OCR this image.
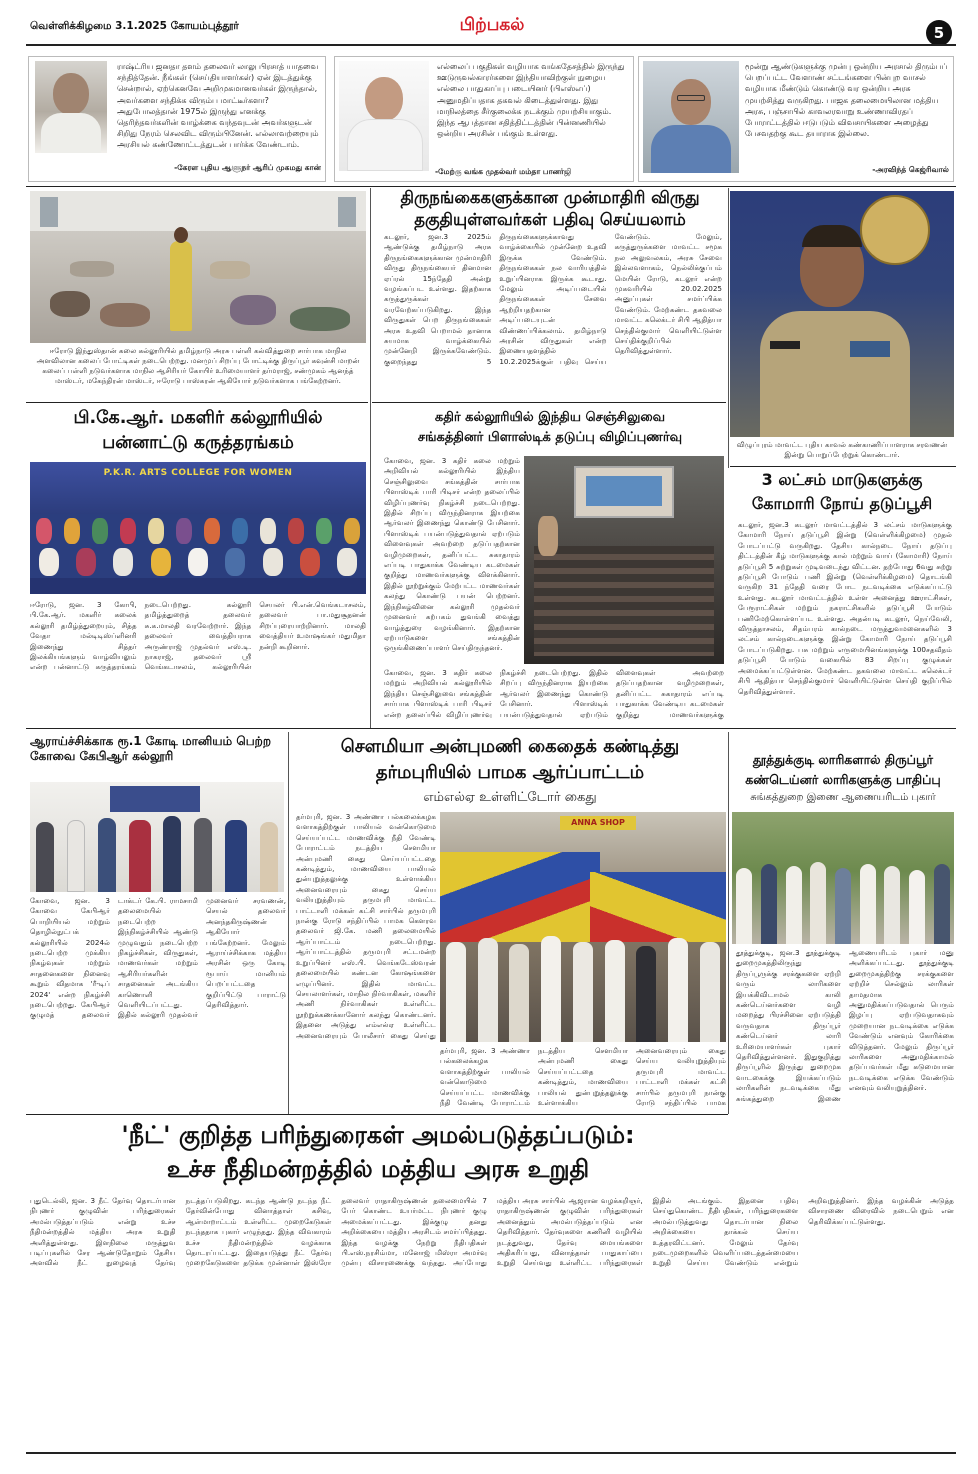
வெள்ளிக்கிழமை 3.1.2025 கோயம்புத்தூர்	பிற்பகல்	5
ராஷ்ட்ரிய ஜனதா தளம் தலைவர் லாலு பிரசாத் யாதவை சந்தித்தேன். நீங்கள் (செய்தியாளர்கள்) ஏன் இடத்துக்கு சென்றால், ஏற்கெனவே அறிமுகமானவர்கள் இருந்தால், அவர்களை சந்திக்க விரும்ப மாட்டீர்களா? அதுபோலத்தான் 1975ல் இருந்து எனக்கு தெரிந்தவர்களின் வாழ்க்கை வந்தவுடன் அவர்களுடன் சிறிது நேரம் செலவிட விரும்பினேன். எல்லாவற்றையும் அரசியல் கண்ணோட்டத்துடன் பார்க்க வேண்டாம்.
-கேரள புதிய ஆளுநர் ஆரிப் முகமது கான்
எல்லைப் பகுதிகள் வழியாக வங்கதேசத்தில் இருந்து ஊடுருவல்காரர்களை இந்தியாவிற்குள் நுழைய எல்லை பாதுகாப்பு படையினர் (பிஎஸ்எப்) அனுமதிப்பதாக தகவல் கிடைத்துள்ளது. இது மாநிலத்தை சீர்குலைக்க நடக்கும் முயற்சியாகும். இந்த ஆபத்தான சதித்திட்டத்தின் பின்னணியில் ஒன்றிய அரசின் பங்கும் உள்ளது.
-மேற்கு வங்க முதல்வர் மம்தா பானர்ஜி
மூன்று ஆண்டுகளுக்கு முன்பு ஒன்றிய அரசால் திரும்பப் பெறப்பட்ட வேளாண் சட்டங்களை பின்புற வாசல் வழியாக மீண்டும் கொண்டு வர ஒன்றிய அரசு முயற்சித்து வருகிறது. பாஜக தலைமையிலான மத்திய அரசு, பஞ்சாபில் காவலரவாறு உண்ணாவிரதப் போராட்டத்தில் ஈடுபடும் விவசாயிகளை அழைத்து பேசவதற்கு கூட தயாராக இல்லை.
-அரவிந்த் கெஜ்ரிவால்
ஈரோடு இந்துஸ்தான் கலை கல்லூரியில் தமிழ்நாடு அரசு பள்ளி கல்வித்துறை சார்பாக மாநில அளவிலான கலைப் போட்டிகள் நடைபெற்றது. மனமுப் சிறப்பு போட்டிக்கு திருப்பூர் கவுன்சி மாறன் கலைப் பள்ளி நடுவர்களாக மாநில ஆசிரியர் கோயிர் உரிமையாளர் தர்மராஜ், சண்முகம் ஆனந்த் மாஸ்டர், மகேந்திரன் மாஸ்டர், ஈரோடு பாஸ்கரன் ஆகியோர் நடுவர்களாக பங்கேற்றனர்.
திருநங்கைகளுக்கான முன்மாதிரி விருது
தகுதியுள்ளவர்கள் பதிவு செய்யலாம்
கடலூர், ஜன.3 2025ம் ஆண்டுக்கு தமிழ்நாடு அரசு திருநங்கைகளுக்கான முன்மாதிரி விருது திருநங்கையர் தினமான ஏப்ரல் 15ந்தேதி அன்று வழங்கப்பட உள்ளது. இதற்காக கருத்துருக்கள் வரவேற்கப்படுகிறது. இந்த விருதுகள் பெற திருநங்கைகள் அரசு உதவி பெறாமல் தானாக சுயமாக வாழ்க்கையில் முன்னேறி இருக்கவேண்டும். குறைந்தது 5 திருநங்கைகளுக்காவது வாழ்க்கையில் முன்னேற உதவி இருக்க வேண்டும். திருநங்கைகள் நல வாரியத்தில் உறுப்பினராக இருக்க கூடாது. மேலும் அடிப்படையில் திருநங்கைகள் சேவை ஆற்றியதற்கான அடிப்படையுடன் விண்ணப்பிக்கலாம். தமிழ்நாடு அரசின் விருதுகள் என்ற இணையதளத்தில் 10.2.2025க்குள் பதிவு செய்ய வேண்டும். மேலும், கருத்துருக்களை மாவட்ட சமூக நல அலுவலகம், அரசு சேவை இல்லவளாகம், நெல்லிக்குப்பம் மெயின் ரோடு, கடலூர் என்ற முகவரியில் 20.02.2025 அனுப்புகள் சமர்ப்பிக்க வேண்டும். மேற்கண்ட தகவலை மாவட்ட கலெக்டர் சிபி ஆதித்யா செந்தில்குமார் வெளியிட்டுள்ள செய்திக்குறிப்பில் தெரிவித்துள்ளார்.
விழுப்புரம் மாவட்ட புதிய காவல் கண்காணிப்பாளராக சரவணன் இன்று பொறுப்பேற்றுக் கொண்டார்.
பி.கே.ஆர். மகளிர் கல்லூரியில்
பன்னாட்டு கருத்தரங்கம்
P.K.R. ARTS COLLEGE FOR WOMEN
ஈரோடு, ஜன. 3 கோபி, பி.கே.ஆர். மகளிர் கலைக் கல்லூரி தமிழ்த்துறையும், சித்த வேதா மல்டிடிஸ்ப்ளினரி இணைந்து சித்தர் இலக்கியங்களும் வாழ்வியலும் என்ற பன்னாட்டு கருத்தரங்கம் நடைபெற்றது. கல்லூரி தமிழ்த்துறைத் தலைவர் சு.க.மாலதி வரவேற்றார். இந்த தலைவர் வைத்தியராக அருண்ராஜ் முதல்வர் எஸ்.டி. நாகராஜ், தலைவர் ஸ்ரீ வெங்கடாசலம், கல்லூரியின் செயலர் பி.என்.வெங்கடாசலம், தலைவர் பா.மதுசூதனன் சிறப்புரையாற்றினார். மாலதி வைத்தியர் உமாஷங்கர் மதுமிதா நன்றி கூறினார்.
கதிர் கல்லூரியில் இந்திய செஞ்சிலுவை
சங்கத்தினர் பிளாஸ்டிக் தடுப்பு விழிப்புணர்வு
கோவை, ஜன. 3 கதிர் கலை மற்றும் அறிவியல் கல்லூரியில் இந்திய செஞ்சிலுவை சங்கத்தின் சார்பாக பிளாஸ்டிக் பாரி பிடிசர் என்ற தலைப்பில் விழிப்புணர்வு நிகழ்ச்சி நடைபெற்றது. இதில் சிறப்பு விருந்தினராக இயற்கை ஆர்வலர் இணைந்து கொண்டு பேசினார். பிளாஸ்டிக் பயன்படுத்துவதால் ஏற்படும் விளைவுகள் அவற்றை தடுப்பதற்கான வழிமுறைகள், தனிப்பட்ட சுகாதாரம் எப்படி பாதுகாக்க வேண்டிய கடமைகள் குறித்து மாணவர்களுக்கு விளக்கினார். இதில் நூற்றுக்கும் மேற்பட்ட மாணவர்கள் கலந்து கொண்டு பயன் பெற்றனர். இந்நிகழ்வினை கல்லூரி முதல்வர் முனைவர் கற்பகம் துவங்கி வைத்து வாழ்த்துரை வழங்கினார். இதற்கான ஏற்பாடுகளை சங்கத்தின் ஒருங்கிணைப்பாளர் செய்திருந்தனர்.
கோவை, ஜன. 3 கதிர் கலை மற்றும் அறிவியல் கல்லூரியில் இந்திய செஞ்சிலுவை சங்கத்தின் சார்பாக பிளாஸ்டிக் பாரி பிடிசர் என்ற தலைப்பில் விழிப்புணர்வு நிகழ்ச்சி நடைபெற்றது. இதில் சிறப்பு விருந்தினராக இயற்கை ஆர்வலர் இணைந்து கொண்டு பேசினார். பிளாஸ்டிக் பயன்படுத்துவதால் ஏற்படும் விளைவுகள் அவற்றை தடுப்பதற்கான வழிமுறைகள், தனிப்பட்ட சுகாதாரம் எப்படி பாதுகாக்க வேண்டிய கடமைகள் குறித்து மாணவர்களுக்கு
3 லட்சம் மாடுகளுக்கு
கோமாரி நோய் தடுப்பூசி
கடலூர், ஜன.3 கடலூர் மாவட்டத்தில் 3 லட்சம் மாடுகளுக்கு கோமாரி நோய் தடுப்பூசி இன்று (வெள்ளிக்கிழமை) முதல் போடப்பட்டு வருகிறது. தேசிய கால்நடை நோய் தடுப்பு திட்டத்தின் கீழ் மாடுகளுக்கு கால் மற்றும் வாய் (கோமாரி) நோய் தடுப்பூசி 5 சுற்றுகள் முடிவடைந்து விட்டன. தற்போது 6வது சுற்று தடுப்பூசி போடும் பணி இன்று (வெள்ளிக்கிழமை) தொடங்கி வருகிற 31 ந்தேதி வரை போட நடவடிக்கை எடுக்கப்பட்டு உள்ளது. கடலூர் மாவட்டத்தில் உள்ள அனைத்து ஊராட்சிகள், பேரூராட்சிகள் மற்றும் நகராட்சிகளில் தடுப்பூசி போடும் பணிமேற்கொள்ளப்பட உள்ளது. அதன்படி கடலூர், நெய்வேலி, விருத்தாசலம், சிதம்பரம் கால்நடை மருத்துவமனைகளில் 3 லட்சம் கால்நடைகளுக்கு இன்று கோமாரி நோய் தடுப்பூசி போடப்படுகிறது. பசு மற்றும் எருமையினங்களுக்கு 100சதவீதம் தடுப்பூசி போடும் வகையில் 83 சிறப்பு குழுக்கள் அமைக்கப்பட்டுள்ளன. மேற்கண்ட தகவலை மாவட்ட கலெக்டர் சிபி ஆதித்யா செந்தில்குமார் வெளியிட்டுள்ள செய்தி குறிப்பில் தெரிவித்துள்ளார்.
ஆராய்ச்சிக்காக ரூ.1 கோடி மானியம் பெற்ற கோவை கேபிஆர் கல்லூரி
கோவை, ஜன. 3 கோவை கேபிஆர் பொறியியல் மற்றும் தொழில்நுட்பக் கல்லூரியில் 2024ல் நடைபெற்ற முக்கிய நிகழ்வுகள் மற்றும் சாதனைகளை நினைவு கூறும் விதமாக 'ரீ-டிப் 2024' என்ற நிகழ்ச்சி நடைபெற்றது. கேபிஆர் குழுமத் தலைவர் டாக்டர் கே.பி. ராமசாமி தலைமையில் நடைபெற்ற இந்நிகழ்ச்சியில் ஆண்டு முழுவதும் நடைபெற்ற நிகழ்ச்சிகள், விருதுகள், மாணவர்கள் மற்றும் ஆசிரியர்களின் சாதனைகள் அடங்கிய காணொளி வெளியிடப்பட்டது. இதில் கல்லூரி முதல்வர் முனைவர் சரவணன், செயல் தலைவர் அனந்தகிருஷ்ணன் ஆகியோர் பங்கேற்றனர். மேலும் ஆராய்ச்சிக்காக மத்திய அரசின் ஒரு கோடி ரூபாய் மானியம் பெறப்பட்டதை குறிப்பிட்டு பாராட்டு தெரிவித்தார்.
சௌமியா அன்புமணி கைதைக் கண்டித்து
தர்மபுரியில் பாமக ஆர்ப்பாட்டம்
எம்எல்ஏ உள்ளிட்டோர் கைது
தர்மபுரி, ஜன. 3 அண்ணா பல்கலைக்கழக வளாகத்திற்குள் பாலியல் வன்கொடுமை செய்யப்பட்ட மாணவிக்கு நீதி வேண்டி போராட்டம் நடத்திய சௌமியா அன்புமணி கைது செய்யப்பட்டதை கண்டித்தும், மாணவியை பாலியல் துன்புறுத்தலுக்கு உள்ளாக்கிய அனைவரையும் கைது செய்ய வலியுறுத்தியும் தருமபுரி மாவட்ட பாட்டாளி மக்கள் கட்சி சார்பில் தருமபுரி நான்கு ரோடு சந்திப்பில் பாமக கௌரவ தலைவர் ஜி.கே. மணி தலைமையில் ஆர்ப்பாட்டம் நடைபெற்றது. ஆர்ப்பாட்டத்தில் தருமபுரி சட்டமன்ற உறுப்பினர் எஸ்.பி. வெங்கடேஸ்வரன் தலைமையில் கண்டன கோஷங்களை எழுப்பினர். இதில் மாவட்ட செயலாளர்கள், மாநில நிர்வாகிகள், மகளிர் அணி நிர்வாகிகள் உள்ளிட்ட நூற்றுக்கணக்கானோர் கலந்து கொண்டனர். இதனை அடுத்து எம்எல்ஏ உள்ளிட்ட அனைவரையும் போலீசார் கைது செய்து
ANNA SHOP
தர்மபுரி, ஜன. 3 அண்ணா பல்கலைக்கழக வளாகத்திற்குள் பாலியல் வன்கொடுமை செய்யப்பட்ட மாணவிக்கு நீதி வேண்டி போராட்டம் நடத்திய சௌமியா அன்புமணி கைது செய்யப்பட்டதை கண்டித்தும், மாணவியை பாலியல் துன்புறுத்தலுக்கு உள்ளாக்கிய அனைவரையும் கைது செய்ய வலியுறுத்தியும் தருமபுரி மாவட்ட பாட்டாளி மக்கள் கட்சி சார்பில் தருமபுரி நான்கு ரோடு சந்திப்பில் பாமக
தூத்துக்குடி லாரிகளால் திருப்பூர்
கண்டெய்னர் லாரிகளுக்கு பாதிப்பு
சுங்கத்துறை இணை ஆணையரிடம் புகார்
தூத்துக்குடி, ஜன.3 தூத்துக்குடி துறைமுகத்திலிருந்து திருப்பூருக்கு சரக்குகளை ஏற்றி வரும் லாரிகளை இயக்கிவிடாமல் காலி கண்டெய்னர்களை வழி மறைத்து பிரச்சினை ஏற்படுத்தி வருவதாக திருப்பூர் கண்டெய்னர் லாரி உரிமையாளர்கள் புகார் தெரிவித்துள்ளனர். இதுகுறித்து திருப்பூரில் இருந்து துறைமுக வாடகைக்கு இயக்கப்படும் லாரிகளின் நடவடிக்கை மீது சுங்கத்துறை இணை ஆணையரிடம் புகார் மனு அளிக்கப்பட்டது. தூத்துக்குடி துறைமுகத்திற்கு சரக்குகளை ஏற்றிச் செல்லும் லாரிகள் தாமதமாக அனுமதிக்கப்படுவதால் பெரும் இழப்பு ஏற்படுவதாகவும் முறையான நடவடிக்கை எடுக்க வேண்டும் எனவும் கோரிக்கை விடுத்தனர். மேலும் திருப்பூர் லாரிகளை அனுமதிக்காமல் தடுப்பவர்கள் மீது கடுமையான நடவடிக்கை எடுக்க வேண்டும் எனவும் வலியுறுத்தினர்.
'நீட்' குறித்த பரிந்துரைகள் அமல்படுத்தப்படும்:
உச்ச நீதிமன்றத்தில் மத்திய அரசு உறுதி
புதுடெல்லி, ஜன. 3 நீட் தேர்வு தொடர்பான நிபுணர் குழுவின் பரிந்துரைகள் அமல்படுத்தப்படும் என்று உச்ச நீதிமன்றத்தில் மத்திய அரசு உறுதி அளித்துள்ளது. இளநிலை மருத்துவ படிப்புகளில் சேர ஆண்டுதோறும் தேசிய அளவில் நீட் நுழைவுத் தேர்வு நடத்தப்படுகிறது. கடந்த ஆண்டு நடந்த நீட் தேர்வின்போது வினாத்தாள் கசிவு, ஆள்மாறாட்டம் உள்ளிட்ட முறைகேடுகள் நடந்ததாக புகார் எழுந்தது. இந்த விவகாரம் உச்ச நீதிமன்றத்தில் வழக்காக தொடரப்பட்டது. இதையடுத்து நீட் தேர்வு முறைகேடுகளை தடுக்க முன்னாள் இஸ்ரோ தலைவர் ராதாகிருஷ்ணன் தலைமையில் 7 பேர் கொண்ட உயர்மட்ட நிபுணர் குழு அமைக்கப்பட்டது. இக்குழு தனது அறிக்கையை மத்திய அரசிடம் சமர்ப்பித்தது. இந்த வழக்கு நேற்று நீதிபதிகள் பி.எஸ்.நரசிம்மா, மனோஜ் மிஸ்ரா அமர்வு முன்பு விசாரணைக்கு வந்தது. அப்போது மத்திய அரசு சார்பில் ஆஜரான வழக்கறிஞர், ராதாகிருஷ்ணன் குழுவின் பரிந்துரைகள் அனைத்தும் அமல்படுத்தப்படும் என தெரிவித்தார். தேர்வுகளை கணினி வழியில் நடத்துவது, தேர்வு மையங்களை அதிகரிப்பது, வினாத்தாள் பாதுகாப்பை உறுதி செய்வது உள்ளிட்ட பரிந்துரைகள் இதில் அடங்கும். இதனை பதிவு செய்துகொண்ட நீதிபதிகள், பரிந்துரைகளை அமல்படுத்துவது தொடர்பான நிலை அறிக்கையை தாக்கல் செய்ய உத்தரவிட்டனர். மேலும் தேர்வு நடைமுறைகளில் வெளிப்படைத்தன்மையை உறுதி செய்ய வேண்டும் என்றும் அறிவுறுத்தினர். இந்த வழக்கின் அடுத்த விசாரணை விரைவில் நடைபெறும் என தெரிவிக்கப்பட்டுள்ளது.
